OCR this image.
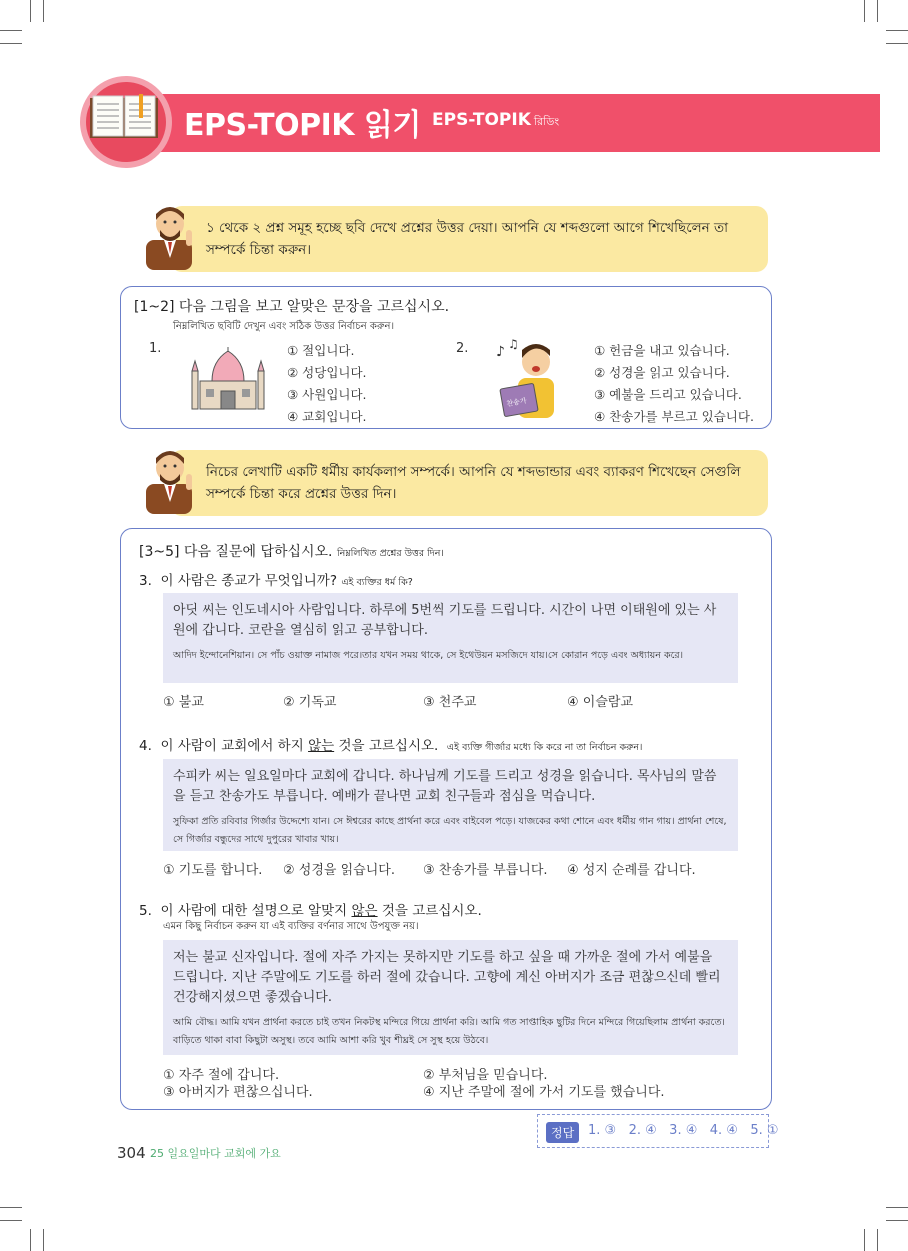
EPS-TOPIK 읽기 EPS-TOPIK রিডিং
১ থেকে ২ প্রশ্ন সমূহ হচ্ছে ছবি দেখে প্রশ্নের উত্তর দেয়া। আপনি যে শব্দগুলো আগে শিখেছিলেন তা সম্পর্কে চিন্তা করুন।
[1~2] 다음 그림을 보고 알맞은 문장을 고르십시오.
নিম্নলিখিত ছবিটি দেখুন এবং সঠিক উত্তর নির্বাচন করুন।
1.	① 절입니다.
② 성당입니다.
③ 사원입니다.
④ 교회입니다.
2. ♪ ♫
찬송가
① 헌금을 내고 있습니다.
② 성경을 읽고 있습니다.
③ 예불을 드리고 있습니다.
④ 찬송가를 부르고 있습니다.
নিচের লেখাটি একটি ধর্মীয় কার্যকলাপ সম্পর্কে। আপনি যে শব্দভান্ডার এবং ব্যাকরণ শিখেছেন সেগুলি সম্পর্কে চিন্তা করে প্রশ্নের উত্তর দিন।
[3~5] 다음 질문에 답하십시오. নিম্নলিখিত প্রশ্নের উত্তর দিন।
3. 이 사람은 종교가 무엇입니까? এই ব্যক্তির ধর্ম কি?
아딧 씨는 인도네시아 사람입니다. 하루에 5번씩 기도를 드립니다. 시간이 나면 이태원에 있는 사원에 갑니다. 코란을 열심히 읽고 공부합니다.
আদিদ ইন্দোনেশিয়ান। সে পাঁচ ওয়াক্ত নামাজ পরে।তার যখন সময় থাকে, সে ইথেউয়ন মসজিদে যায়।সে কোরান পড়ে এবং অধ্যায়ন করে।
① 불교	② 기독교	③ 천주교	④ 이슬람교
4. 이 사람이 교회에서 하지 않는 것을 고르십시오. এই ব্যক্তি গীর্জার মধ্যে কি করে না তা নির্বাচন করুন।
수피카 씨는 일요일마다 교회에 갑니다. 하나님께 기도를 드리고 성경을 읽습니다. 목사님의 말씀을 듣고 찬송가도 부릅니다. 예배가 끝나면 교회 친구들과 점심을 먹습니다.
সুফিকা প্রতি রবিবার গির্জার উদ্দেশ্যে যান। সে ঈশ্বরের কাছে প্রার্থনা করে এবং বাইবেল পড়ে। যাজকের কথা শোনে এবং ধর্মীয় গান গায়। প্রার্থনা শেষে, সে গির্জার বন্ধুদের সাথে দুপুরের খাবার খায়।
① 기도를 합니다. ② 성경을 읽습니다. ③ 찬송가를 부릅니다. ④ 성지 순례를 갑니다.
5. 이 사람에 대한 설명으로 알맞지 않은 것을 고르십시오.
এমন কিছু নির্বাচন করুন যা এই ব্যক্তির বর্ণনার সাথে উপযুক্ত নয়।
저는 불교 신자입니다. 절에 자주 가지는 못하지만 기도를 하고 싶을 때 가까운 절에 가서 예불을 드립니다. 지난 주말에도 기도를 하러 절에 갔습니다. 고향에 계신 아버지가 조금 편찮으신데 빨리 건강해지셨으면 좋겠습니다.
আমি বৌদ্ধ। আমি যখন প্রার্থনা করতে চাই তখন নিকটস্থ মন্দিরে গিয়ে প্রার্থনা করি। আমি গত সাপ্তাহিক ছুটির দিনে মন্দিরে গিয়েছিলাম প্রার্থনা করতে। বাড়িতে থাকা বাবা কিছুটা অসুস্থ। তবে আমি আশা করি খুব শীঘ্রই সে সুস্থ হয়ে উঠবে।
① 자주 절에 갑니다.	② 부처님을 믿습니다.
③ 아버지가 편찮으십니다.	④ 지난 주말에 절에 가서 기도를 했습니다.
정답	1. ③   2. ④   3. ④   4. ④   5. ①
304 25 일요일마다 교회에 가요
